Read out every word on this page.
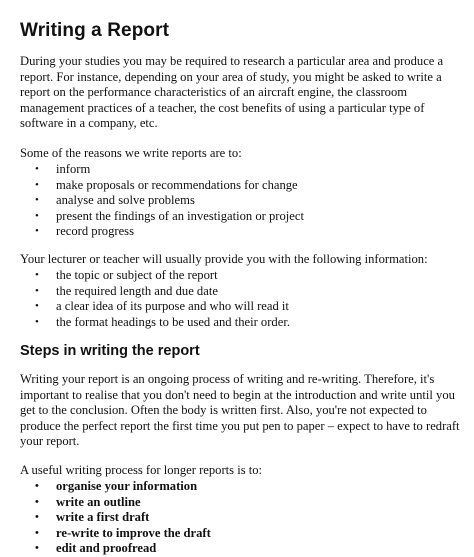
Writing a Report

During your studies you may be required to research a particular area and produce a report. For instance, depending on your area of study, you might be asked to write a report on the performance characteristics of an aircraft engine, the classroom management practices of a teacher, the cost benefits of using a particular type of software in a company, etc.

Some of the reasons we write reports are to:

• inform
• make proposals or recommendations for change
• analyse and solve problems
• present the findings of an investigation or project
• record progress

Your lecturer or teacher will usually provide you with the following information:

• the topic or subject of the report
• the required length and due date
• a clear idea of its purpose and who will read it
• the format headings to be used and their order.
Steps in writing the report

Writing your report is an ongoing process of writing and re-writing. Therefore, it's important to realise that you don't need to begin at the introduction and write until you get to the conclusion. Often the body is written first. Also, you're not expected to produce the perfect report the first time you put pen to paper – expect to have to redraft your report.

A useful writing process for longer reports is to:

• organise your information
• write an outline
• write a first draft
• re-write to improve the draft
• edit and proofread
